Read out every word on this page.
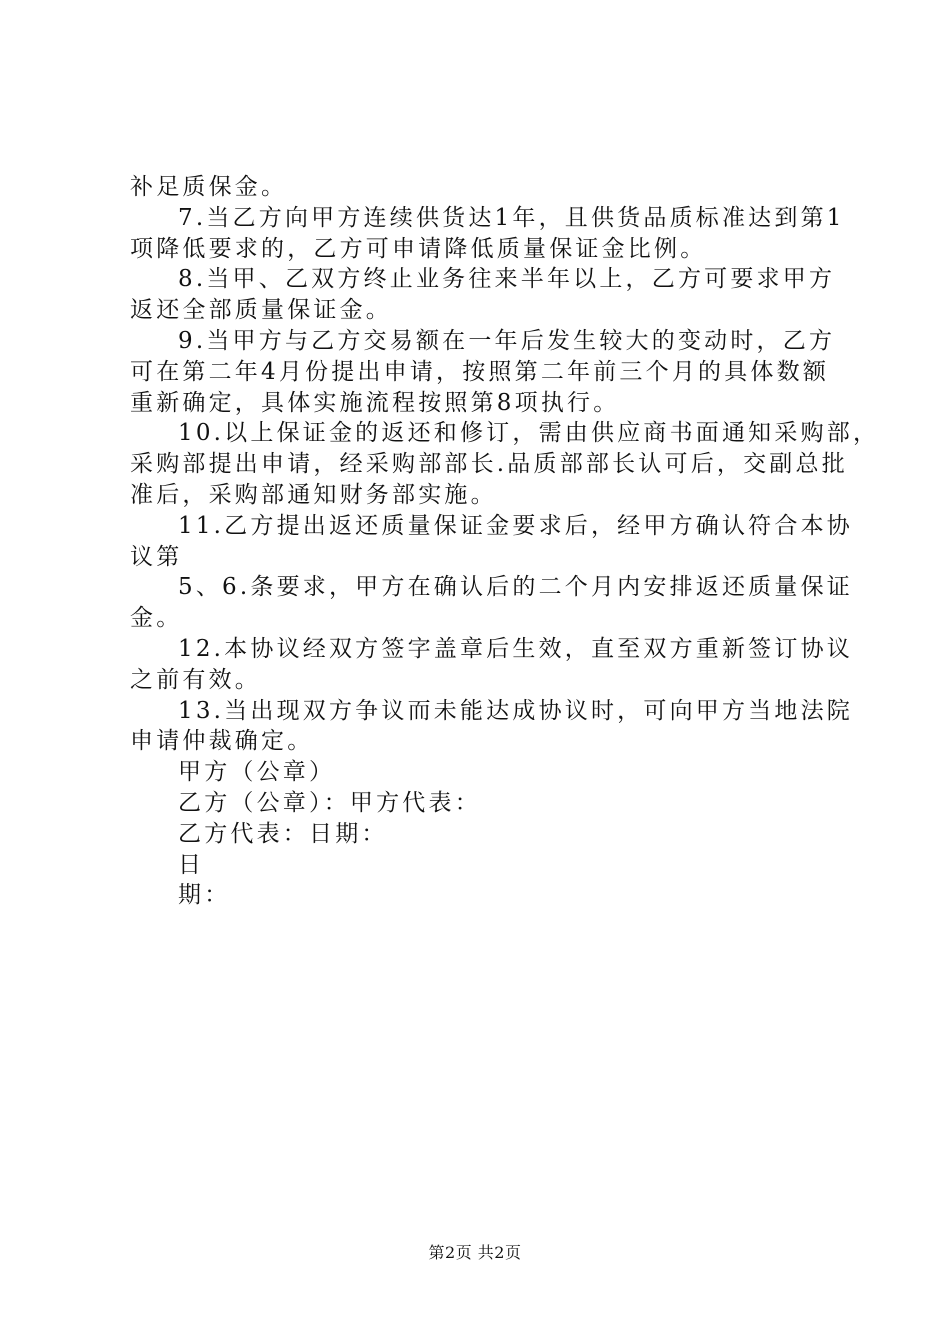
补足质保金。
7.当乙方向甲方连续供货达1年，且供货品质标准达到第1
项降低要求的，乙方可申请降低质量保证金比例。
8.当甲、乙双方终止业务往来半年以上，乙方可要求甲方
返还全部质量保证金。
9.当甲方与乙方交易额在一年后发生较大的变动时，乙方
可在第二年4月份提出申请，按照第二年前三个月的具体数额
重新确定，具体实施流程按照第8项执行。
10.以上保证金的返还和修订，需由供应商书面通知采购部，
采购部提出申请，经采购部部长.品质部部长认可后，交副总批
准后，采购部通知财务部实施。
11.乙方提出返还质量保证金要求后，经甲方确认符合本协
议第
5、6.条要求，甲方在确认后的二个月内安排返还质量保证
金。
12.本协议经双方签字盖章后生效，直至双方重新签订协议
之前有效。
13.当出现双方争议而未能达成协议时，可向甲方当地法院
申请仲裁确定。
甲方（公章）
乙方（公章）：甲方代表：
乙方代表：日期：
日
期：
第2页 共2页
